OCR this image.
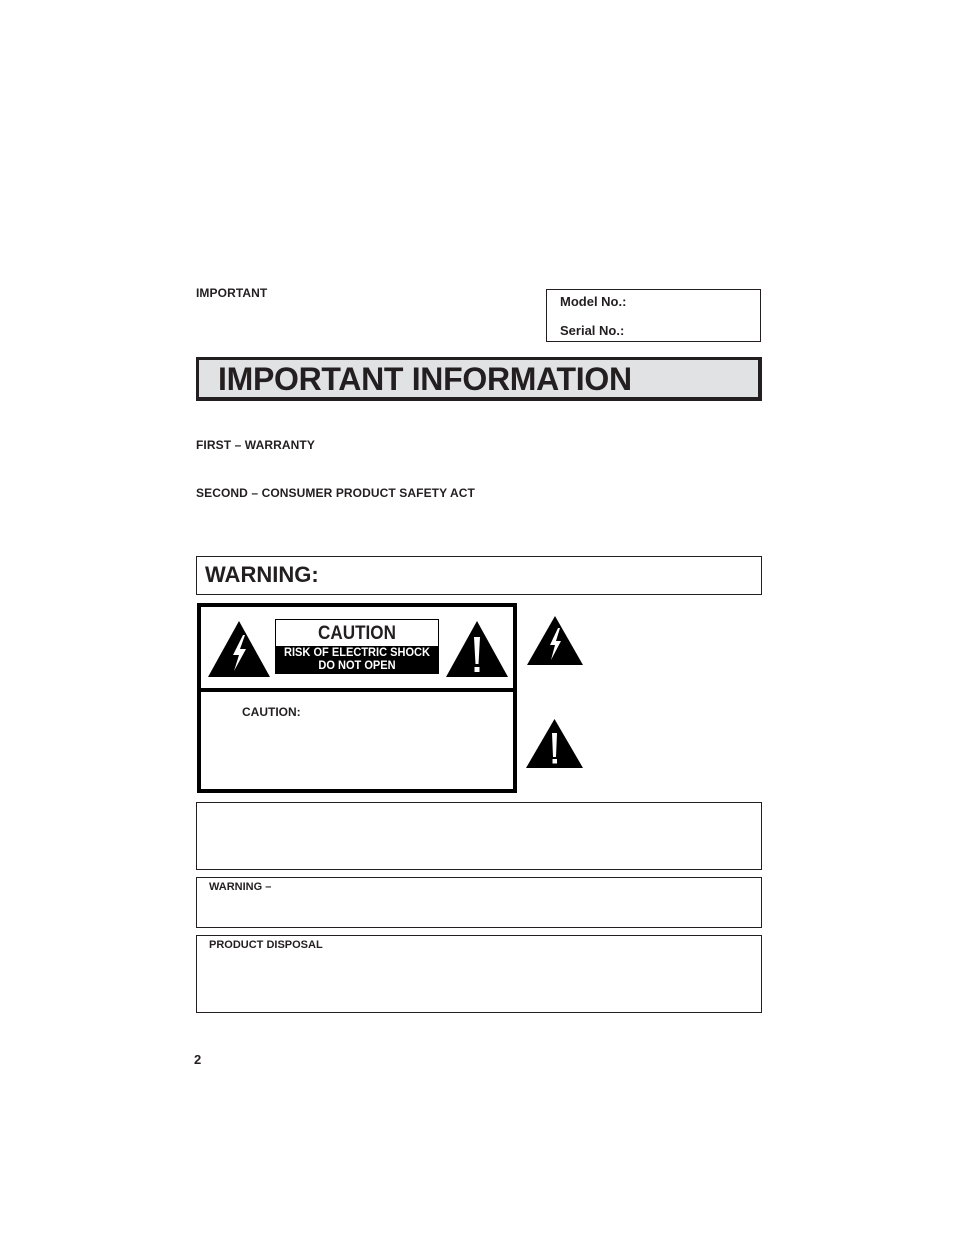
IMPORTANT
Model No.:
Serial No.:
IMPORTANT INFORMATION
FIRST – WARRANTY
SECOND – CONSUMER PRODUCT SAFETY ACT
WARNING:
CAUTION
RISK OF ELECTRIC SHOCK
DO NOT OPEN
CAUTION:
WARNING –
PRODUCT DISPOSAL
2
